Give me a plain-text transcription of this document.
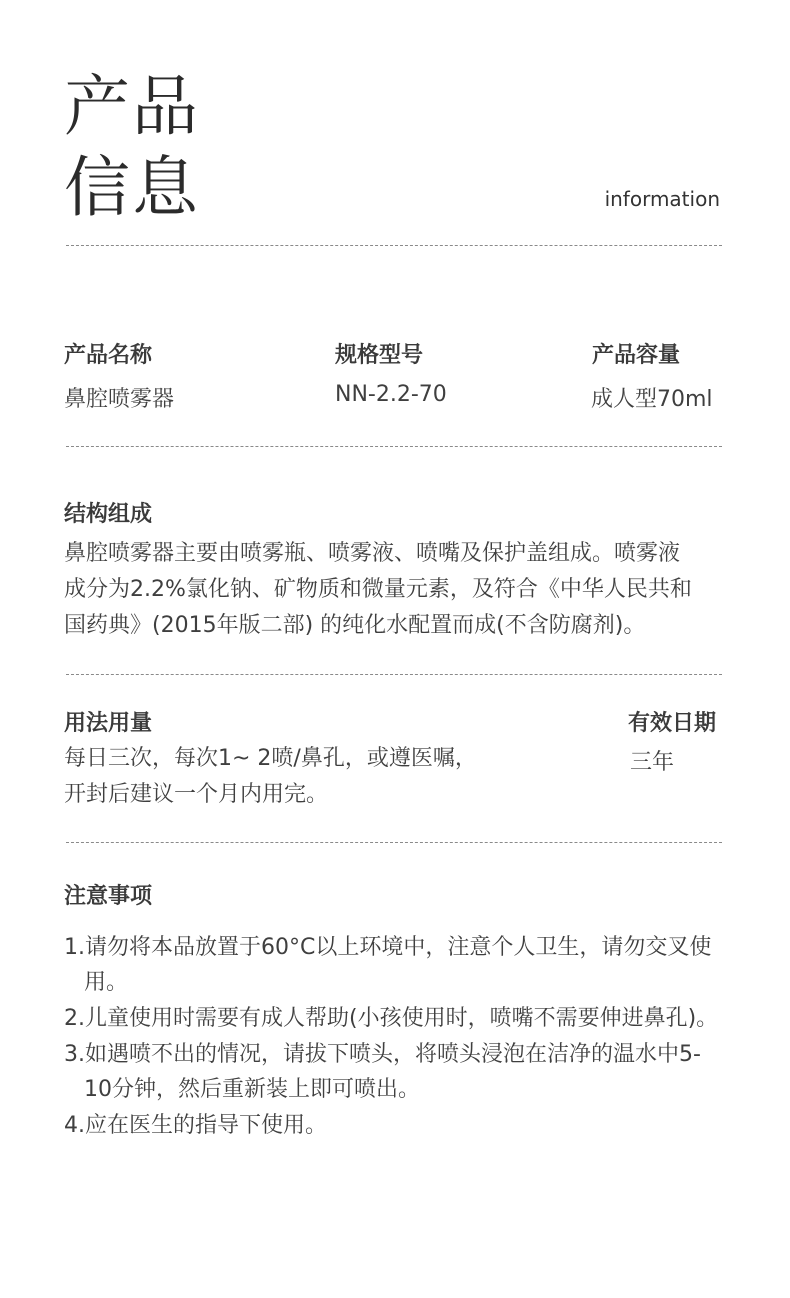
产品
信息	information
产品名称
鼻腔喷雾器
规格型号
NN-2.2-70
产品容量
成人型70ml
结构组成
鼻腔喷雾器主要由喷雾瓶、喷雾液、喷嘴及保护盖组成。喷雾液
成分为2.2%氯化钠、矿物质和微量元素，及符合《中华人民共和
国药典》(2015年版二部) 的纯化水配置而成(不含防腐剂)。
用法用量
每日三次，每次1~ 2喷/鼻孔，或遵医嘱，
开封后建议一个月内用完。
有效日期
三年
注意事项
1.请勿将本品放置于60°C以上环境中，注意个人卫生，请勿交叉使用。
2.儿童使用时需要有成人帮助(小孩使用时，喷嘴不需要伸进鼻孔)。
3.如遇喷不出的情况，请拔下喷头，将喷头浸泡在洁净的温水中5-10分钟，然后重新装上即可喷出。
4.应在医生的指导下使用。
